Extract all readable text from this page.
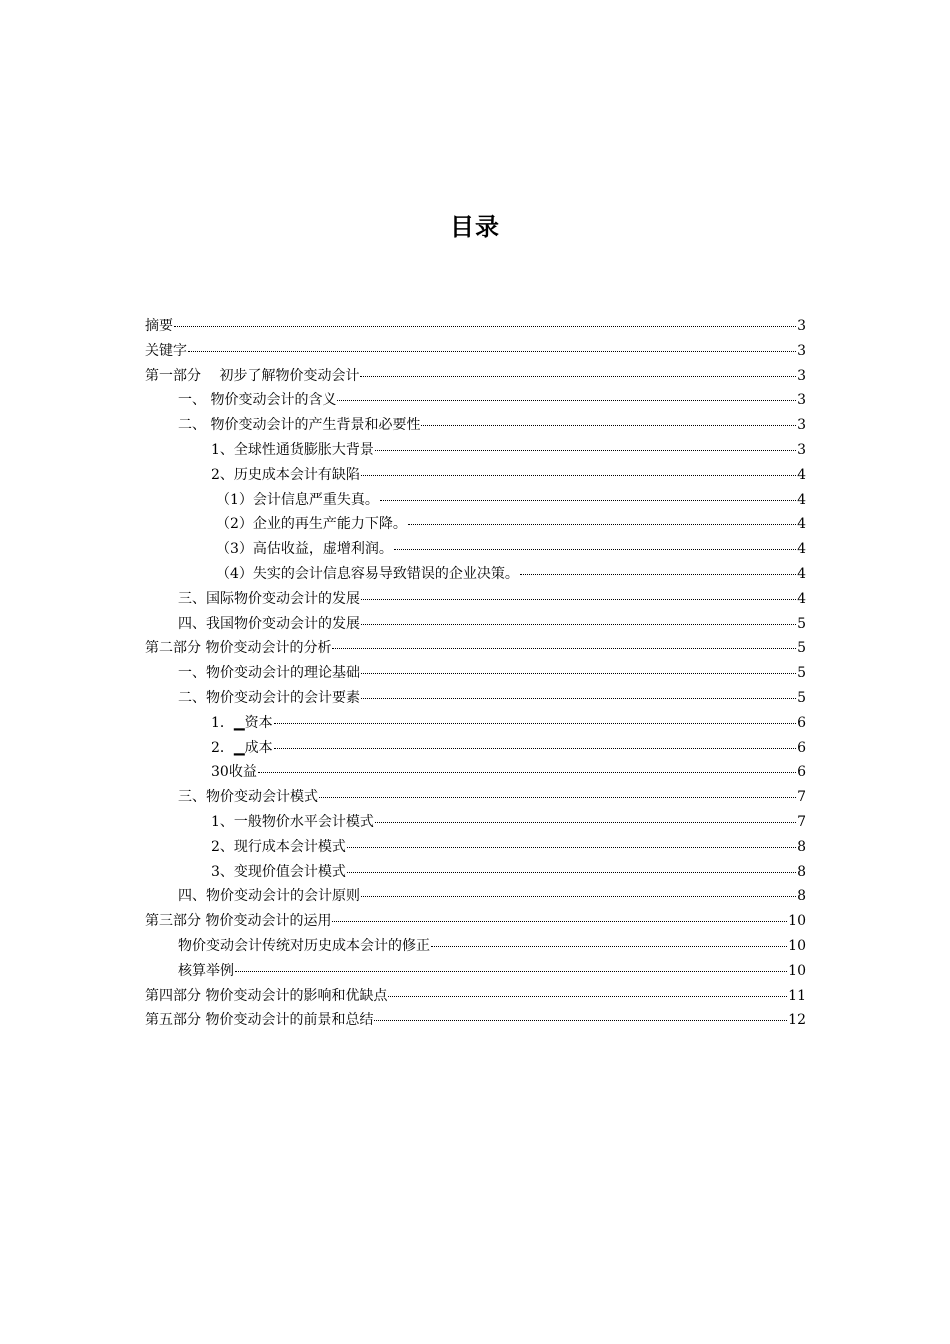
目录
摘要	3
关键字	3
第一部分　 初步了解物价变动会计	3
一、 物价变动会计的含义	3
二、 物价变动会计的产生背景和必要性	3
1、全球性通货膨胀大背景	3
2、历史成本会计有缺陷	4
（1）会计信息严重失真。	4
（2）企业的再生产能力下降。	4
（3）高估收益，虚增利润。	4
（4）失实的会计信息容易导致错误的企业决策。	4
三、国际物价变动会计的发展	4
四、我国物价变动会计的发展	5
第二部分 物价变动会计的分析	5
一、物价变动会计的理论基础	5
二、物价变动会计的会计要素	5
1．▁资本	6
2．▁成本	6
30收益	6
三、物价变动会计模式	7
1、一般物价水平会计模式	7
2、现行成本会计模式	8
3、变现价值会计模式	8
四、物价变动会计的会计原则	8
第三部分 物价变动会计的运用	10
物价变动会计传统对历史成本会计的修正	10
核算举例	10
第四部分 物价变动会计的影响和优缺点	11
第五部分 物价变动会计的前景和总结	12
